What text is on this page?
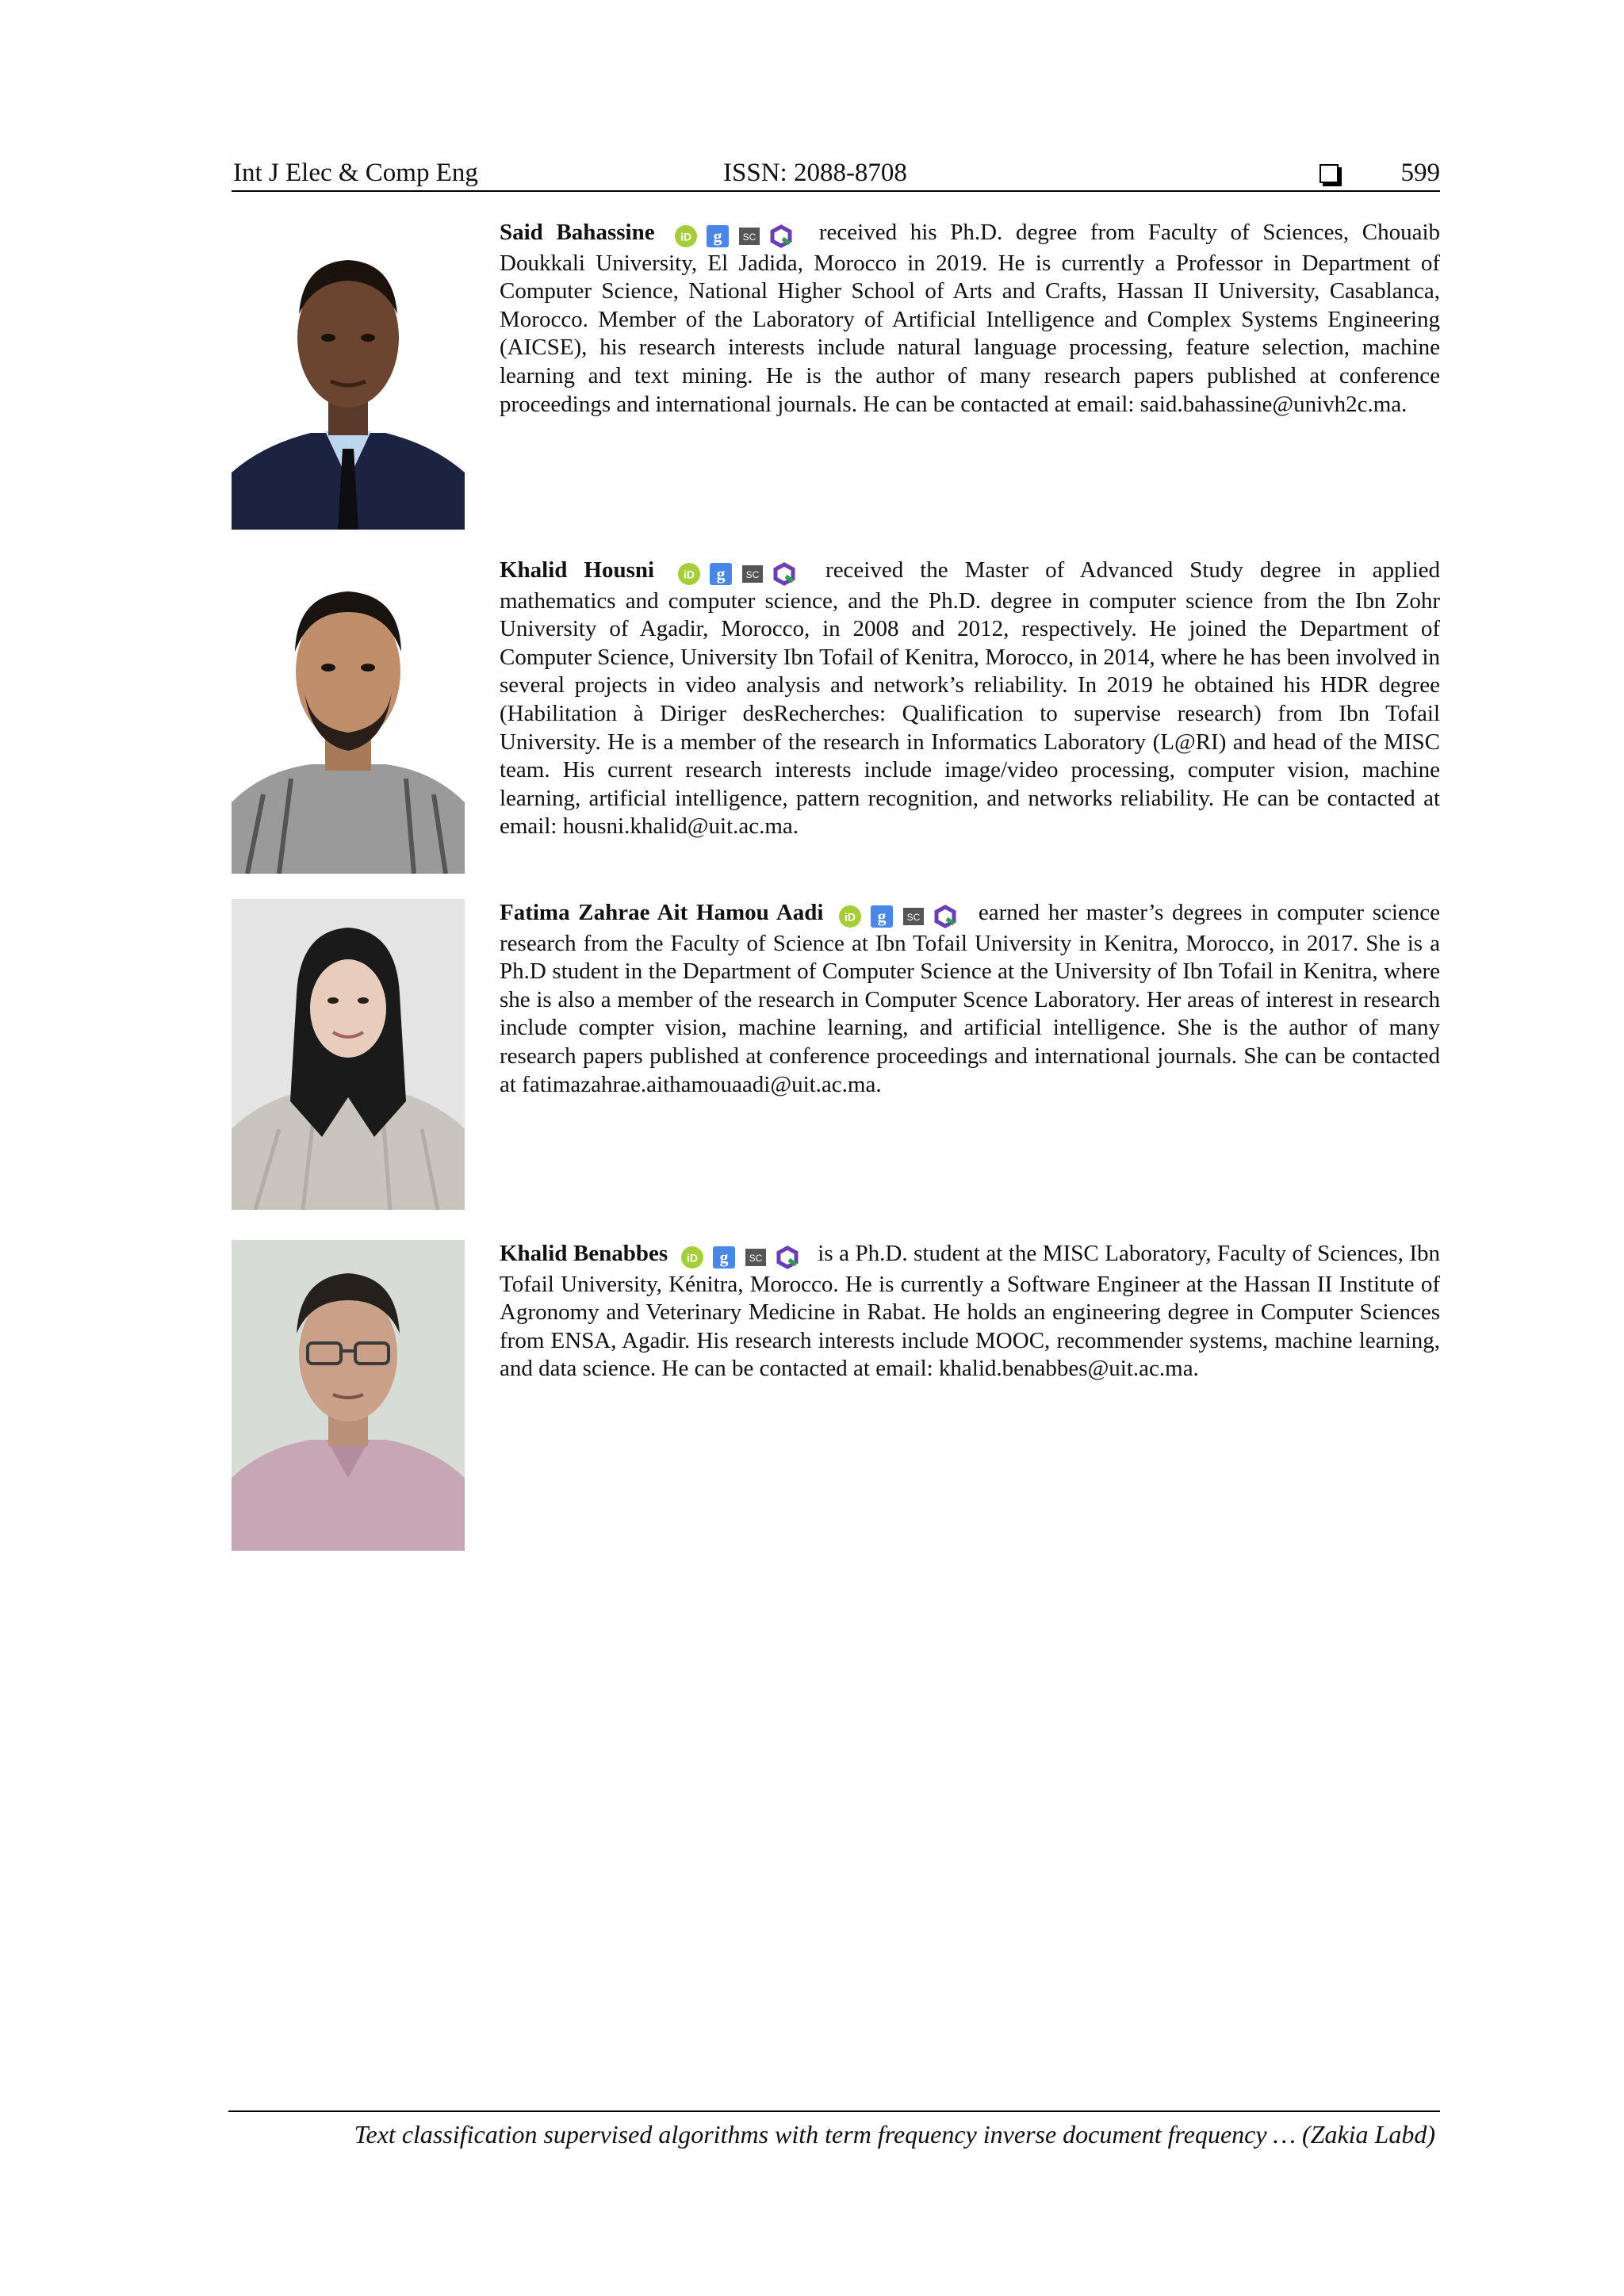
Int J Elec & Comp Eng	ISSN: 2088-8708	599
Said Bahassine iD g SC	received his Ph.D. degree from Faculty of Sciences, Chouaib Doukkali University, El Jadida, Morocco in 2019. He is currently a Professor in Department of Computer Science, National Higher School of Arts and Crafts, Hassan II University, Casablanca, Morocco. Member of the Laboratory of Artificial Intelligence and Complex Systems Engineering (AICSE), his research interests include natural language processing, feature selection, machine learning and text mining. He is the author of many research papers published at conference proceedings and international journals. He can be contacted at email: said.bahassine@univh2c.ma.
Khalid Housni	iD g SC	received the Master of Advanced Study degree in applied mathematics and computer science, and the Ph.D. degree in computer science from the Ibn Zohr University of Agadir, Morocco, in 2008 and 2012, respectively. He joined the Department of Computer Science, University Ibn Tofail of Kenitra, Morocco, in 2014, where he has been involved in several projects in video analysis and network’s reliability. In 2019 he obtained his HDR degree (Habilitation à Diriger desRecherches: Qualification to supervise research) from Ibn Tofail University. He is a member of the research in Informatics Laboratory (L@RI) and head of the MISC team. His current research interests include image/video processing, computer vision, machine learning, artificial intelligence, pattern recognition, and networks reliability. He can be contacted at email: housni.khalid@uit.ac.ma.
Fatima Zahrae Ait Hamou Aadi iD g SC	earned her master’s degrees in computer science research from the Faculty of Science at Ibn Tofail University in Kenitra, Morocco, in 2017. She is a Ph.D student in the Department of Computer Science at the University of Ibn Tofail in Kenitra, where she is also a member of the research in Computer Scence Laboratory. Her areas of interest in research include compter vision, machine learning, and artificial intelligence. She is the author of many research papers published at conference proceedings and international journals. She can be contacted at fatimazahrae.aithamouaadi@uit.ac.ma.
Khalid Benabbes iD g SC is a Ph.D. student at the MISC Laboratory, Faculty of Sciences, Ibn Tofail University, Kénitra, Morocco. He is currently a Software Engineer at the Hassan II Institute of Agronomy and Veterinary Medicine in Rabat. He holds an engineering degree in Computer Sciences from ENSA, Agadir. His research interests include MOOC, recommender systems, machine learning, and data science. He can be contacted at email: khalid.benabbes@uit.ac.ma.
Text classification supervised algorithms with term frequency inverse document frequency … (Zakia Labd)
